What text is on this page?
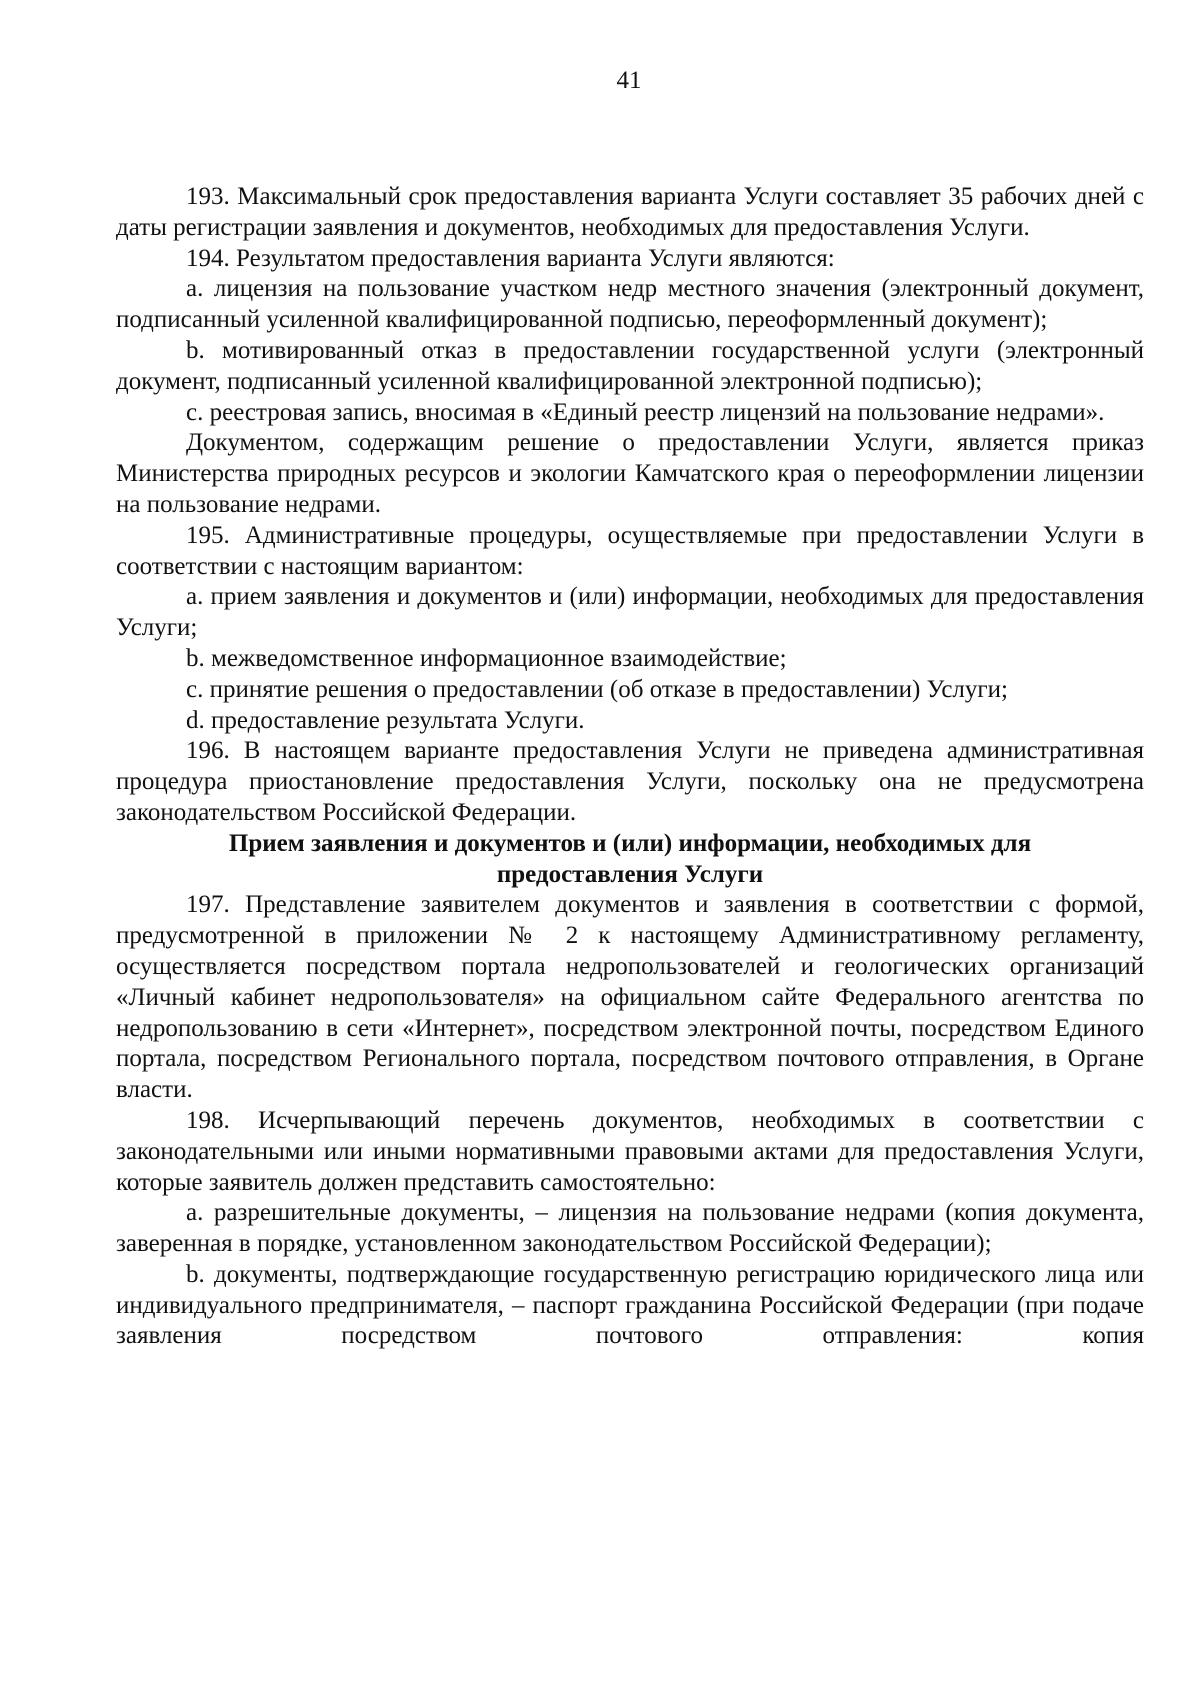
41

193. Максимальный срок предоставления варианта Услуги составляет 35 рабочих дней с даты регистрации заявления и документов, необходимых для предоставления Услуги.

194. Результатом предоставления варианта Услуги являются:

a. лицензия на пользование участком недр местного значения (электронный документ, подписанный усиленной квалифицированной подписью, переоформленный документ);

b. мотивированный отказ в предоставлении государственной услуги (электронный документ, подписанный усиленной квалифицированной электронной подписью);

c. реестровая запись, вносимая в «Единый реестр лицензий на пользование недрами».

Документом, содержащим решение о предоставлении Услуги, является приказ Министерства природных ресурсов и экологии Камчатского края о переоформлении лицензии на пользование недрами.

195. Административные процедуры, осуществляемые при предоставлении Услуги в соответствии с настоящим вариантом:

a. прием заявления и документов и (или) информации, необходимых для предоставления Услуги;

b. межведомственное информационное взаимодействие;

c. принятие решения о предоставлении (об отказе в предоставлении) Услуги;

d. предоставление результата Услуги.

196. В настоящем варианте предоставления Услуги не приведена административная процедура приостановление предоставления Услуги, поскольку она не предусмотрена законодательством Российской Федерации.

Прием заявления и документов и (или) информации, необходимых для предоставления Услуги

197. Представление заявителем документов и заявления в соответствии с формой, предусмотренной в приложении № 2 к настоящему Административному регламенту, осуществляется посредством портала недропользователей и геологических организаций «Личный кабинет недропользователя» на официальном сайте Федерального агентства по недропользованию в сети «Интернет», посредством электронной почты, посредством Единого портала, посредством Регионального портала, посредством почтового отправления, в Органе власти.

198. Исчерпывающий перечень документов, необходимых в соответствии с законодательными или иными нормативными правовыми актами для предоставления Услуги, которые заявитель должен представить самостоятельно:

a. разрешительные документы, – лицензия на пользование недрами (копия документа, заверенная в порядке, установленном законодательством Российской Федерации);

b. документы, подтверждающие государственную регистрацию юридического лица или индивидуального предпринимателя, – паспорт гражданина Российской Федерации (при подаче заявления посредством почтового отправления: копия
